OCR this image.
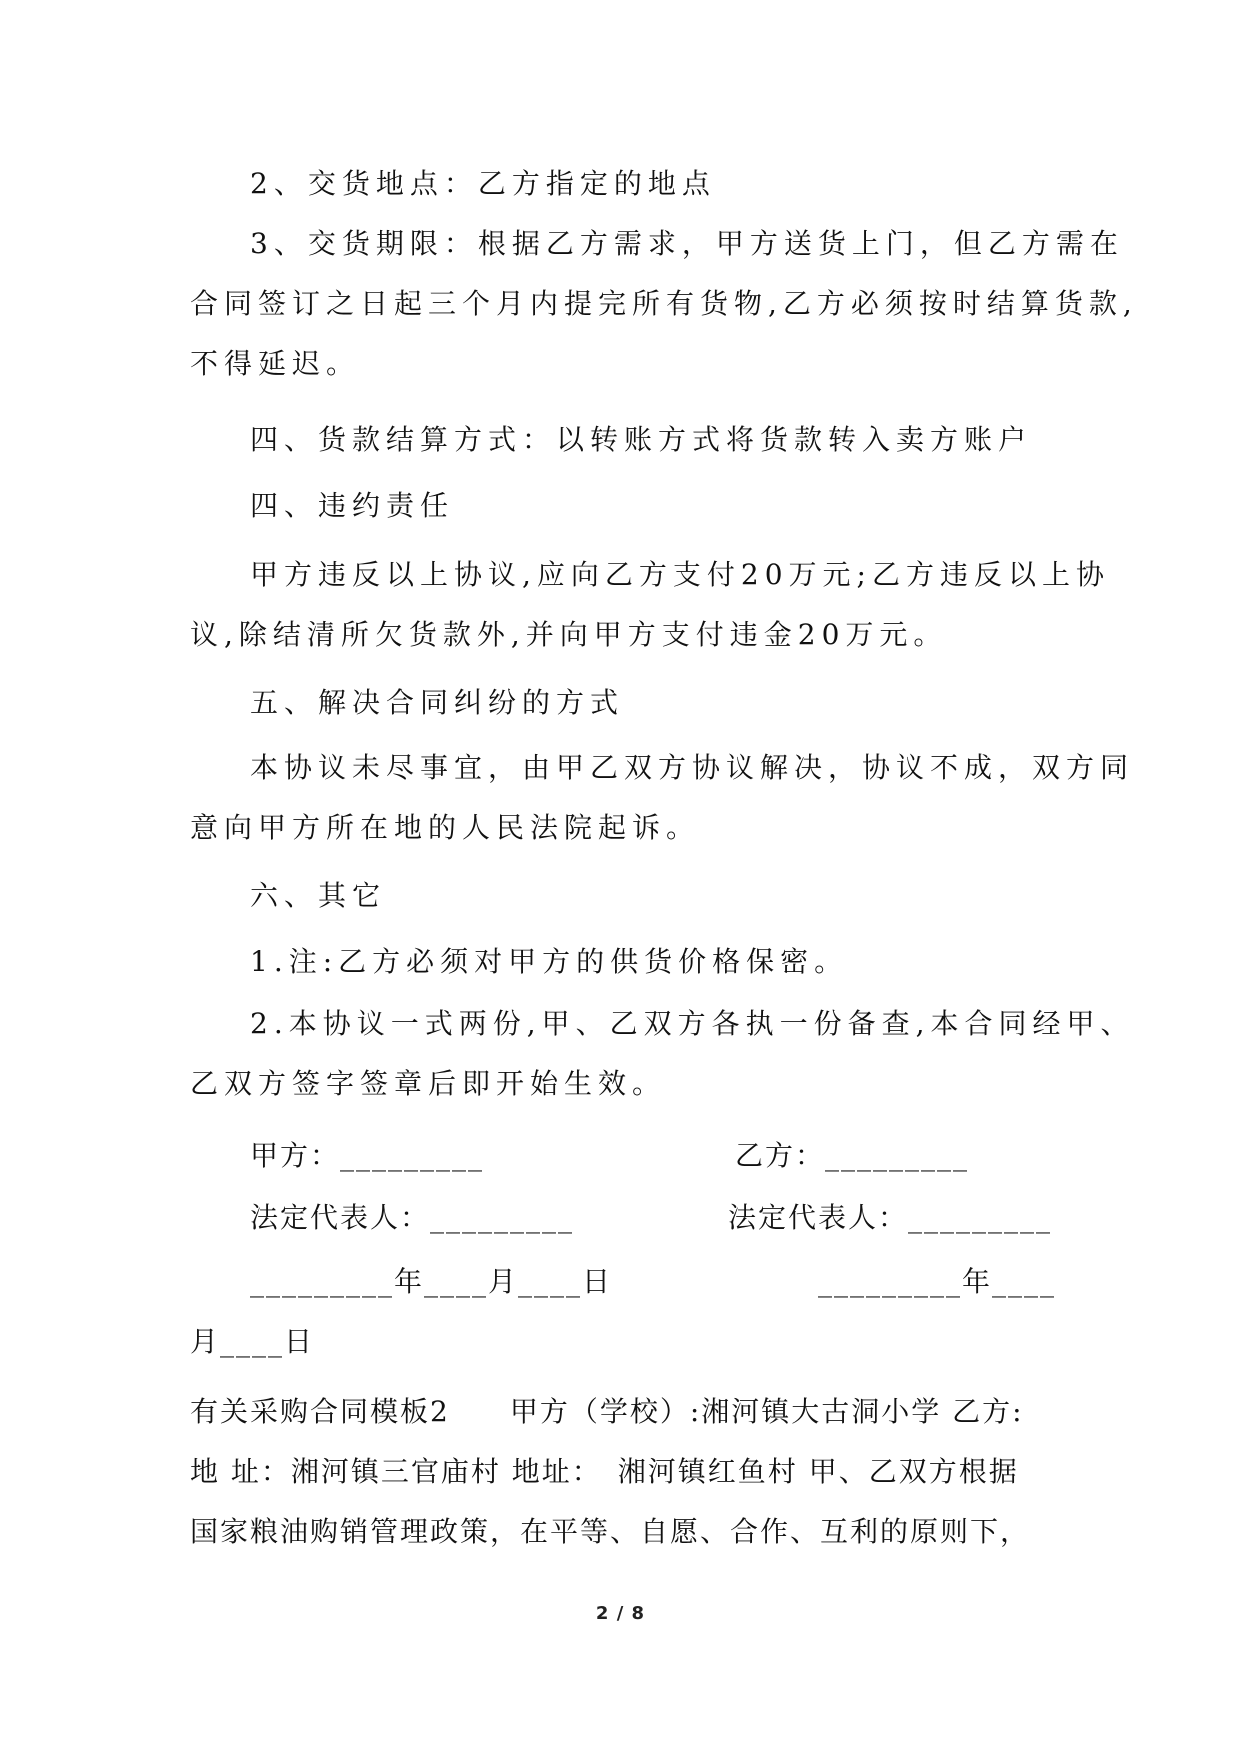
2、交货地点：乙方指定的地点
3、交货期限：根据乙方需求，甲方送货上门，但乙方需在
合同签订之日起三个月内提完所有货物,乙方必须按时结算货款,
不得延迟。
四、货款结算方式：以转账方式将货款转入卖方账户
四、违约责任
甲方违反以上协议,应向乙方支付20万元;乙方违反以上协
议,除结清所欠货款外,并向甲方支付违金20万元。
五、解决合同纠纷的方式
本协议未尽事宜，由甲乙双方协议解决，协议不成，双方同
意向甲方所在地的人民法院起诉。
六、其它
1.注:乙方必须对甲方的供货价格保密。
2.本协议一式两份,甲、乙双方各执一份备查,本合同经甲、
乙双方签字签章后即开始生效。
甲方：_________	乙方：_________
法定代表人：_________	法定代表人：_________
_________年____月____日	_________年____
月____日
有关采购合同模板2　　甲方（学校）:湘河镇大古洞小学 乙方:
地 址：湘河镇三官庙村 地址：　湘河镇红鱼村 甲、乙双方根据
国家粮油购销管理政策，在平等、自愿、合作、互利的原则下，
2 / 8
